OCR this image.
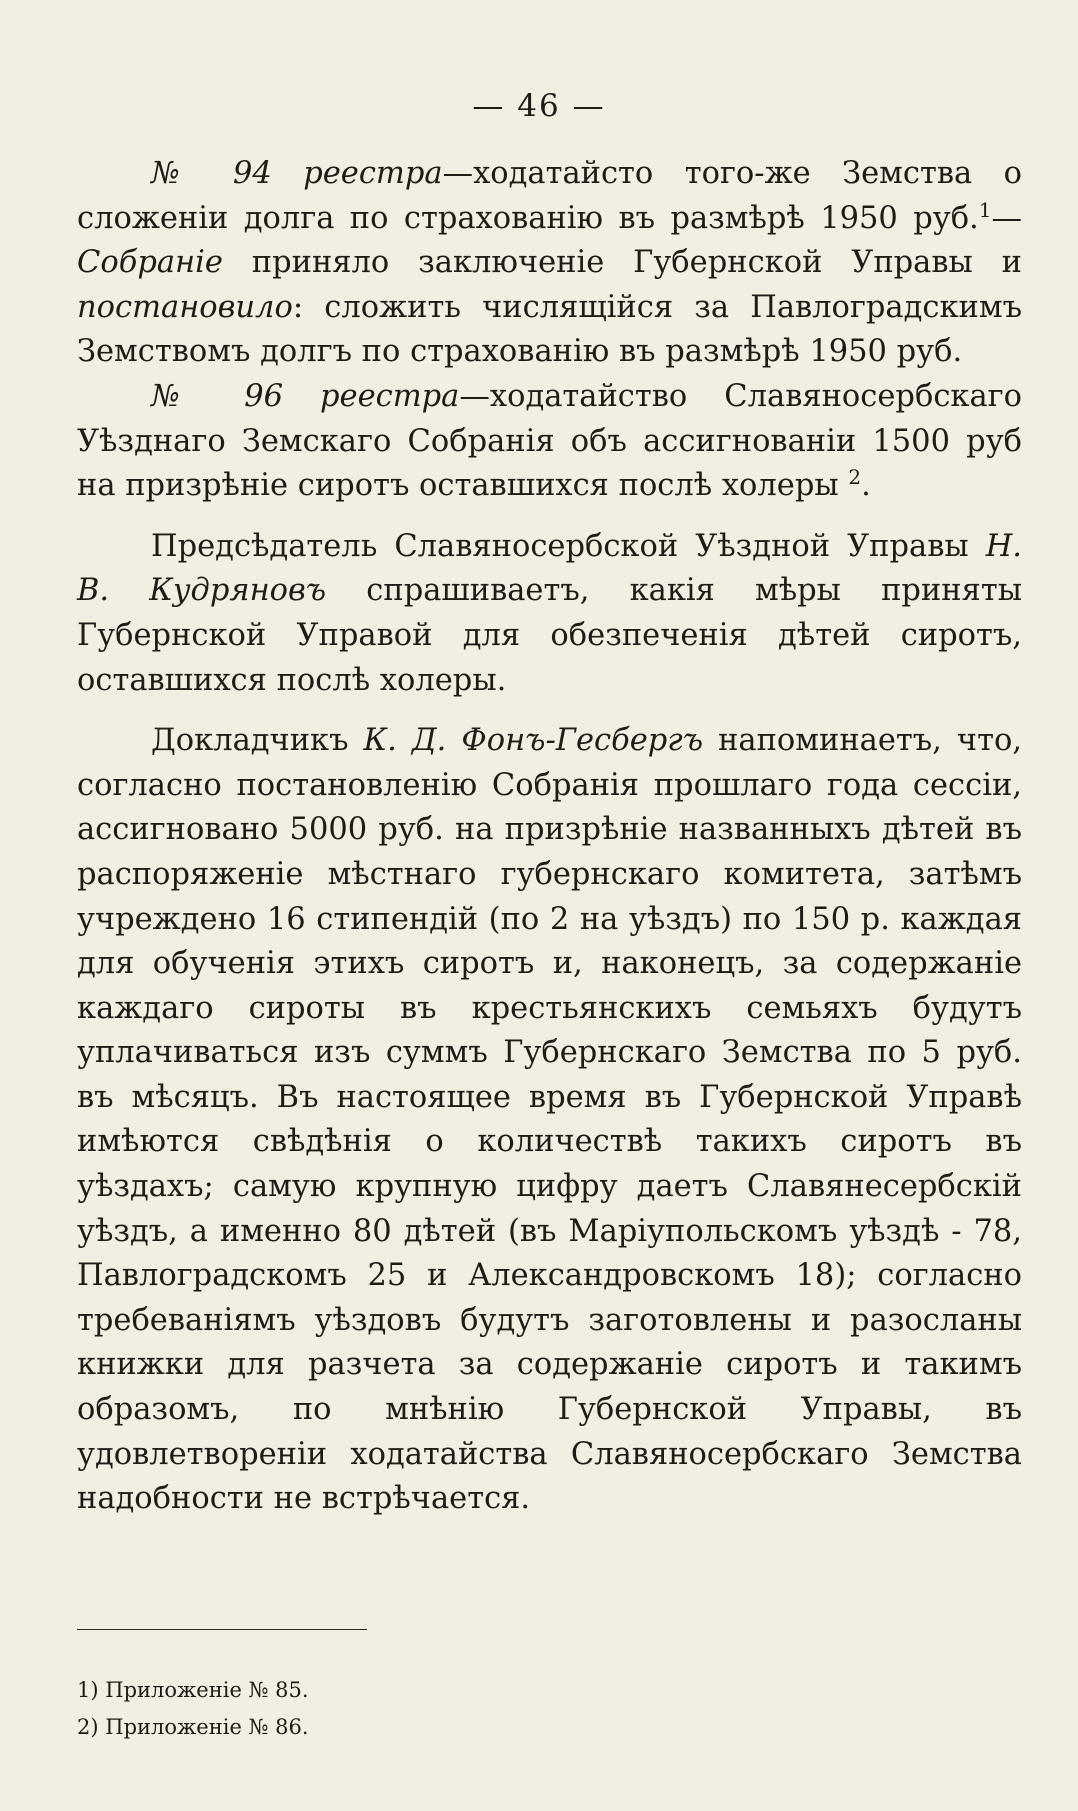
— 46 —

№ 94 реестра—ходатайсто того-же Земства о сложеніи долга по страхованію въ размѣрѣ 1950 руб.$^1$—Собраніе приняло заключеніе Губернской Управы и постановило: сложить числящійся за Павлоградскимъ Земствомъ долгъ по страхованію въ размѣрѣ 1950 руб.

№ 96 реестра—ходатайство Славяносербскаго Уѣзднаго Земскаго Собранія объ ассигнованіи 1500 руб на призрѣніе сиротъ оставшихся послѣ холеры $^2$.

Предсѣдатель Славяносербской Уѣздной Управы Н. В. Кудряновъ спрашиваетъ, какія мѣры приняты Губернской Управой для обезпеченія дѣтей сиротъ, оставшихся послѣ холеры.

Докладчикъ К. Д. Фонъ-Гесбергъ напоминаетъ, что, согласно постановленію Собранія прошлаго года сессіи, ассигновано 5000 руб. на призрѣніе названныхъ дѣтей въ распоряженіе мѣстнаго губернскаго комитета, затѣмъ учреждено 16 стипендій (по 2 на уѣздъ) по 150 р. каждая для обученія этихъ сиротъ и, наконецъ, за содержаніе каждаго сироты въ крестьянскихъ семьяхъ будутъ уплачиваться изъ суммъ Губернскаго Земства по 5 руб. въ мѣсяцъ. Въ настоящее время въ Губернской Управѣ имѣются свѣдѣнія о количествѣ такихъ сиротъ въ уѣздахъ; самую крупную цифру даетъ Славянесербскій уѣздъ, а именно 80 дѣтей (въ Маріупольскомъ уѣздѣ - 78, Павлоградскомъ 25 и Александровскомъ 18); согласно требеваніямъ уѣздовъ будутъ заготовлены и разосланы книжки для разчета за содержаніе сиротъ и такимъ образомъ, по мнѣнію Губернской Управы, въ удовлетвореніи ходатайства Славяносербскаго Земства надобности не встрѣчается.

1) Приложеніе № 85.
2) Приложеніе № 86.
